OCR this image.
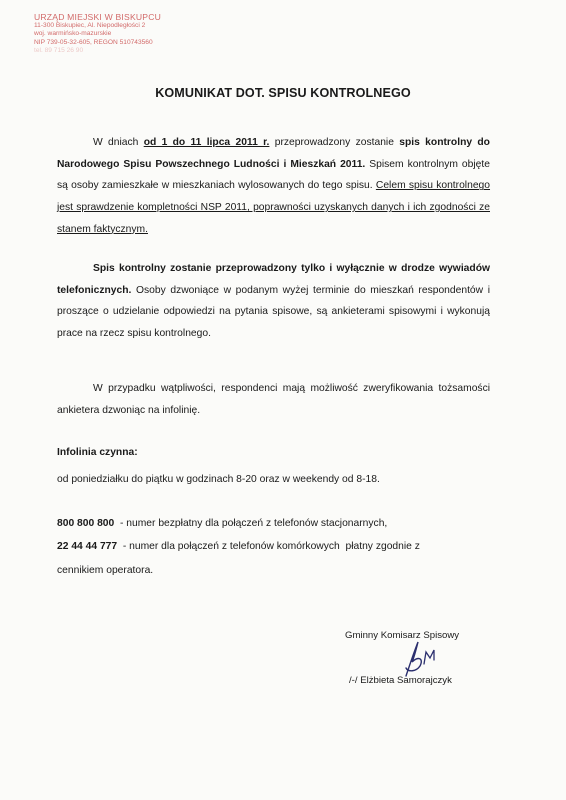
URZĄD MIEJSKI W BISKUPCU
11-300 Biskupiec, Al. Niepodległości 2
woj. warmińsko-mazurskie
NIP 739-05-32-605, REGON 510743560
tel. 89 715 26 90
KOMUNIKAT DOT. SPISU KONTROLNEGO

W dniach od 1 do 11 lipca 2011 r. przeprowadzony zostanie spis kontrolny do Narodowego Spisu Powszechnego Ludności i Mieszkań 2011. Spisem kontrolnym objęte są osoby zamieszkałe w mieszkaniach wylosowanych do tego spisu. Celem spisu kontrolnego jest sprawdzenie kompletności NSP 2011, poprawności uzyskanych danych i ich zgodności ze stanem faktycznym.

Spis kontrolny zostanie przeprowadzony tylko i wyłącznie w drodze wywiadów telefonicznych. Osoby dzwoniące w podanym wyżej terminie do mieszkań respondentów i proszące o udzielanie odpowiedzi na pytania spisowe, są ankieterami spisowymi i wykonują prace na rzecz spisu kontrolnego.

W przypadku wątpliwości, respondenci mają możliwość zweryfikowania tożsamości ankietera dzwoniąc na infolinię.

Infolinia czynna:
od poniedziałku do piątku w godzinach 8-20 oraz w weekendy od 8-18.
800 800 800  - numer bezpłatny dla połączeń z telefonów stacjonarnych,
22 44 44 777  - numer dla połączeń z telefonów komórkowych  płatny zgodnie z
cennikiem operatora.
Gminny Komisarz Spisowy
/-/ Elżbieta Samorajczyk
